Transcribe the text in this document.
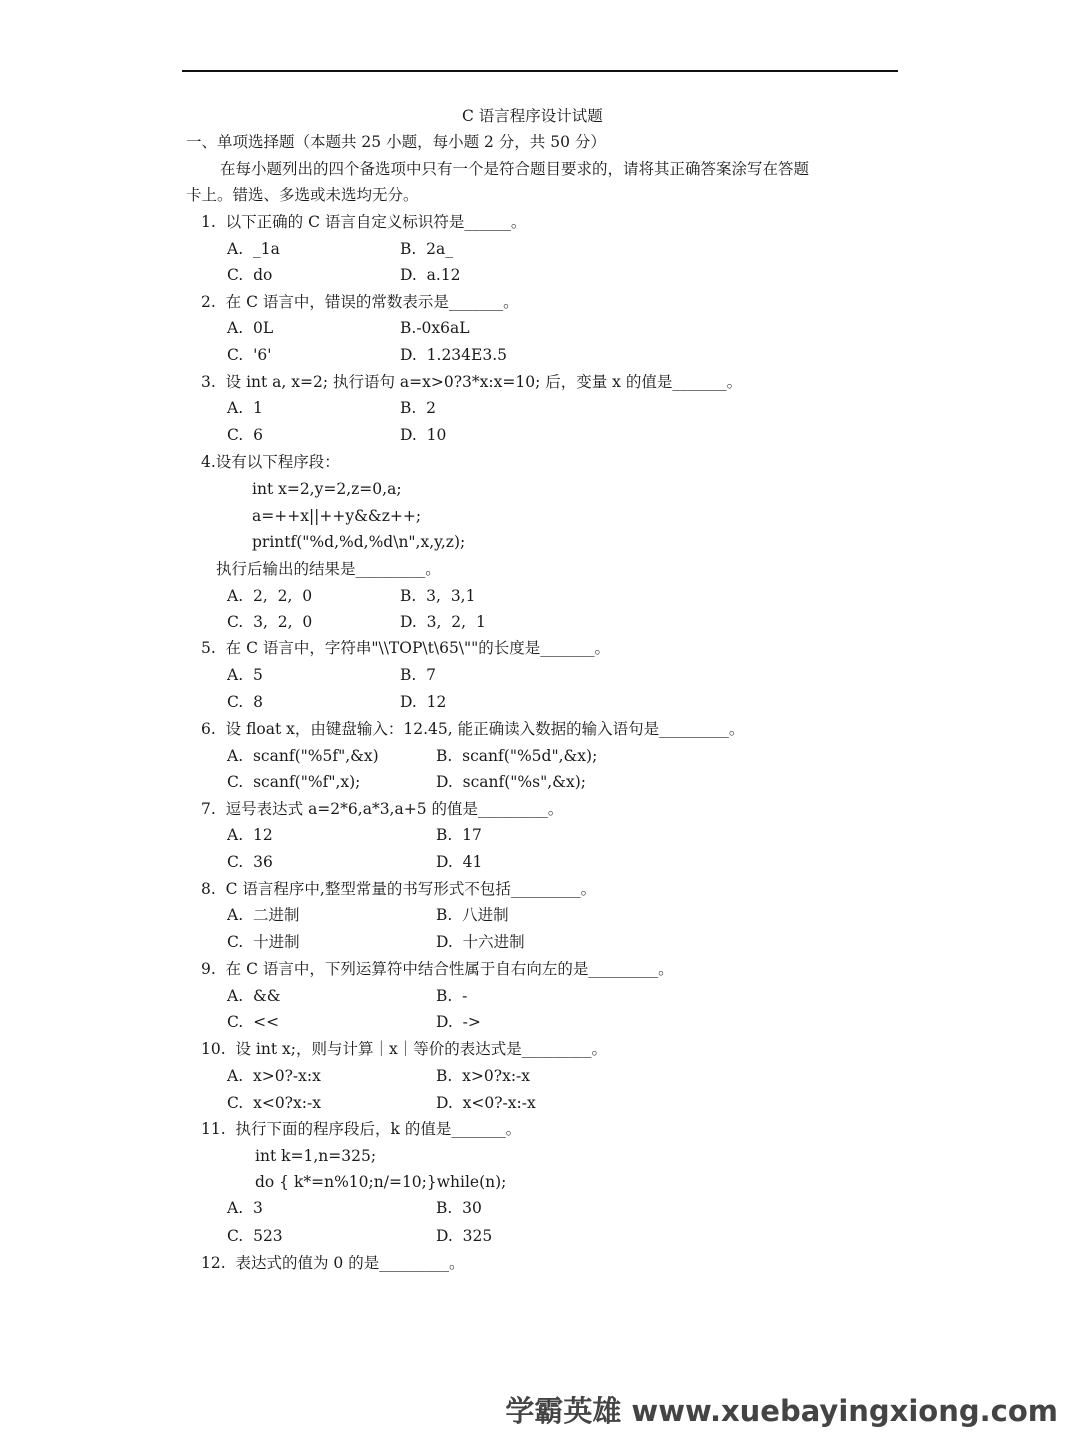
C 语言程序设计试题
一、单项选择题（本题共 25 小题，每小题 2 分，共 50 分）
在每小题列出的四个备选项中只有一个是符合题目要求的，请将其正确答案涂写在答题
卡上。错选、多选或未选均无分。
1.  以下正确的 C 语言自定义标识符是______。
A.  _1a	B.  2a_
C.  do	D.  a.12
2.  在 C 语言中，错误的常数表示是_______。
A.  0L	B.-0x6aL
C.  '6'	D.  1.234E3.5
3.  设 int a, x=2; 执行语句 a=x>0?3*x:x=10; 后，变量 x 的值是_______。
A.  1	B.  2
C.  6	D.  10
4.设有以下程序段：
int x=2,y=2,z=0,a;
a=++x||++y&&z++;
printf("%d,%d,%d\n",x,y,z);
执行后输出的结果是_________。
A.  2,  2,  0	B.  3,  3,1
C.  3,  2,  0	D.  3,  2,  1
5.  在 C 语言中，字符串"\\TOP\t\65\""的长度是_______。
A.  5	B.  7
C.  8	D.  12
6.  设 float x，由键盘输入：12.45, 能正确读入数据的输入语句是_________。
A.  scanf("%5f",&x)	B.  scanf("%5d",&x);
C.  scanf("%f",x);	D.  scanf("%s",&x);
7.  逗号表达式 a=2*6,a*3,a+5 的值是_________。
A.  12	B.  17
C.  36	D.  41
8.  C 语言程序中,整型常量的书写形式不包括_________。
A.  二进制	B.  八进制
C.  十进制	D.  十六进制
9.  在 C 语言中，下列运算符中结合性属于自右向左的是_________。
A.  &&	B.  -
C.  <<	D.  ->
10.  设 int x;，则与计算｜x｜等价的表达式是_________。
A.  x>0?-x:x	B.  x>0?x:-x
C.  x<0?x:-x	D.  x<0?-x:-x
11.  执行下面的程序段后，k 的值是_______。
int k=1,n=325;
do { k*=n%10;n/=10;}while(n);
A.  3	B.  30
C.  523	D.  325
12.  表达式的值为 0 的是_________。
学霸英雄 www.xuebayingxiong.com
